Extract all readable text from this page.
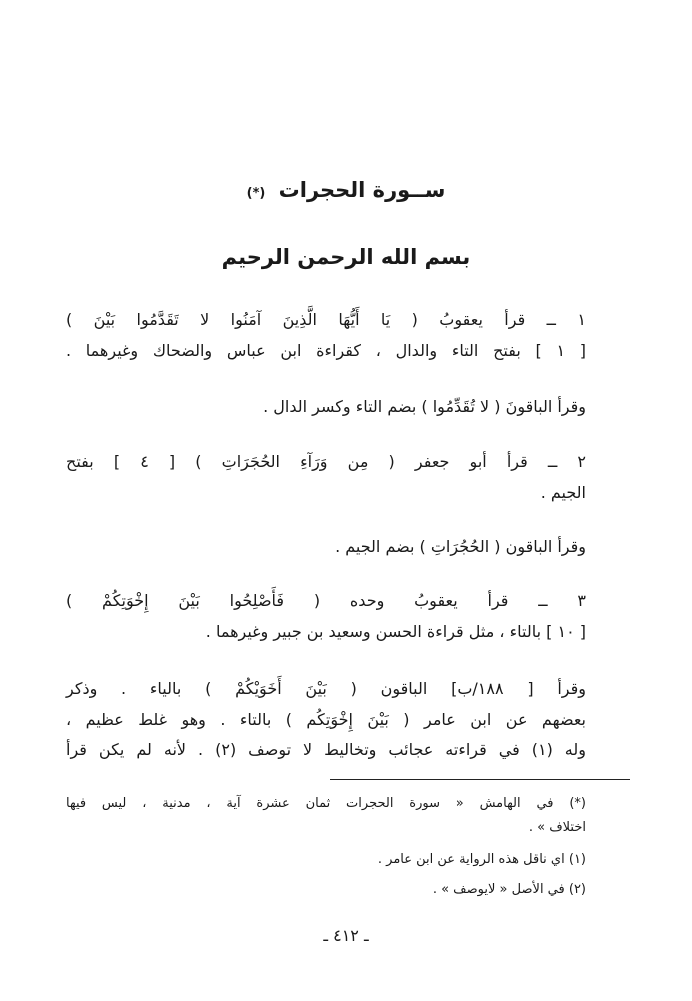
ســورة الحجرات (*)
بسم الله الرحمن الرحيم
١ ــ قرأ يعقوبُ ( يَا أَيُّهَا الَّذِينَ آمَنُوا لا تَقَدَّمُوا بَيْنَ )
[ ١ ] بفتح التاء والدال ، كقراءة ابن عباس والضحاك وغيرهما .
وقرأ الباقونَ ( لا تُقَدِّمُوا ) بضم التاء وكسر الدال .
٢ ــ قرأ أبو جعفر ( مِن وَرَآءِ الحُجَرَاتِ ) [ ٤ ] بفتح
الجيم .
وقرأ الباقون ( الحُجُرَاتِ ) بضم الجيم .
٣ ــ قرأ يعقوبُ وحده ( فَأَصْلِحُوا بَيْنَ إِخْوَتِكُمْ )
[ ١٠ ] بالتاء ، مثل قراءة الحسن وسعيد بن جبير وغيرهما .
وقرأ [ ١٨٨/ب] الباقون ( بَيْنَ أَخَوَيْكُمْ ) بالياء . وذكر
بعضهم عن ابن عامر ( بَيْنَ إِخْوَتِكُم ) بالتاء . وهو غلط عظيم ،
وله (١) في قراءته عجائب وتخاليط لا توصف (٢) . لأنه لم يكن قرأ
(*) في الهامش « سورة الحجرات ثمان عشرة آية ، مدنية ، ليس فيها
اختلاف » .
(١) اي ناقل هذه الرواية عن ابن عامر .
(٢) في الأصل « لايوصف » .
ـ ٤١٢ ـ
